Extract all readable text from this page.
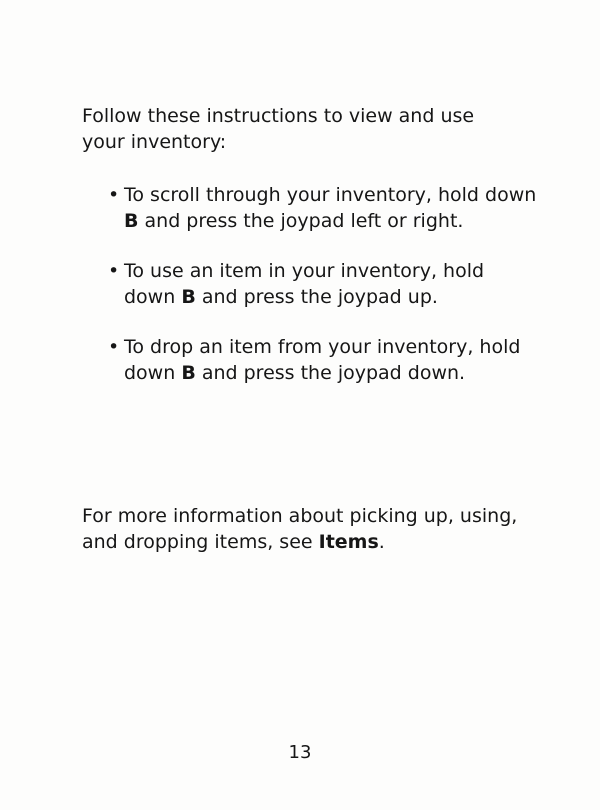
Follow these instructions to view and use your inventory:

• To scroll through your inventory, hold down B and press the joypad left or right.
• To use an item in your inventory, hold down B and press the joypad up.
• To drop an item from your inventory, hold down B and press the joypad down.

For more information about picking up, using, and dropping items, see Items.

13
